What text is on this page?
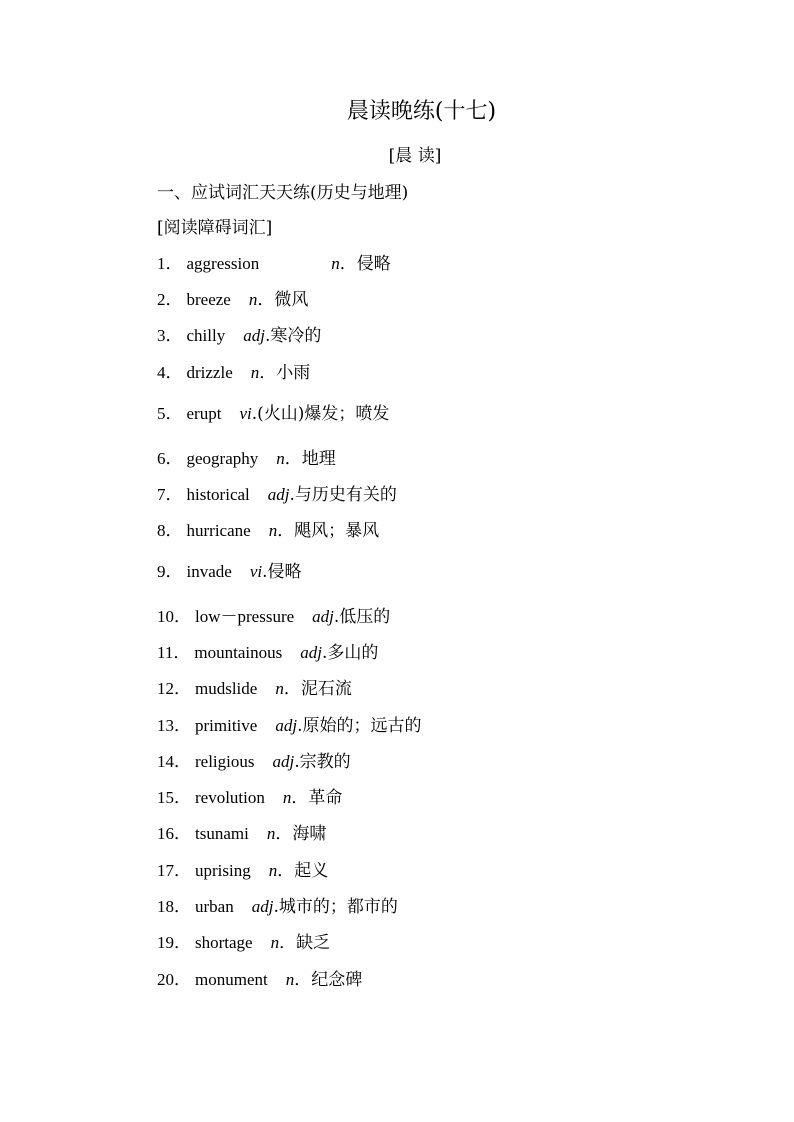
晨读晚练(十七)
[晨 读]
一、应试词汇天天练(历史与地理)
[阅读障碍词汇]
1． aggression	n．侵略
2． breeze n．微风
3． chilly adj.寒冷的
4． drizzle n．小雨
5． erupt vi.(火山)爆发；喷发
6． geography n．地理
7． historical adj.与历史有关的
8． hurricane n．飓风；暴风
9． invade vi.侵略
10． low－pressure adj.低压的
11． mountainous adj.多山的
12． mudslide n．泥石流
13． primitive adj.原始的；远古的
14． religious adj.宗教的
15． revolution n．革命
16． tsunami n．海啸
17． uprising n．起义
18． urban adj.城市的；都市的
19． shortage n．缺乏
20． monument n．纪念碑
